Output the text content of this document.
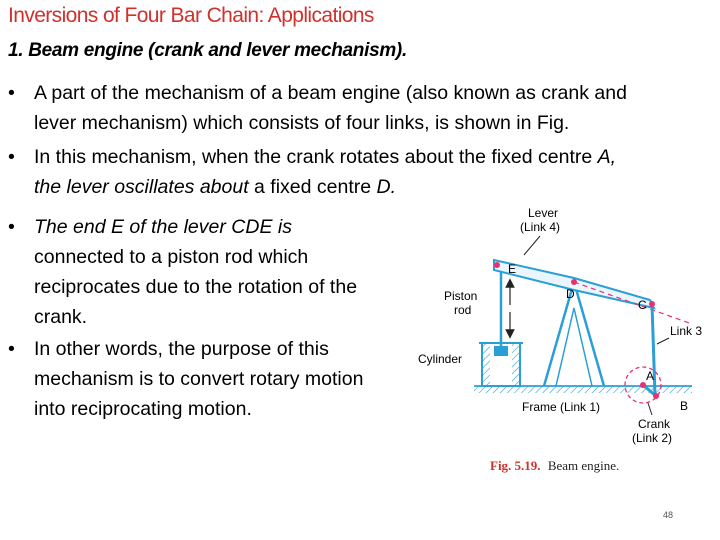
Inversions of Four Bar Chain: Applications
1. Beam engine (crank and lever mechanism).
• A part of the mechanism of a beam engine (also known as crank and
lever mechanism) which consists of four links, is shown in Fig.
• In this mechanism, when the crank rotates about the fixed centre A,
the lever oscillates about a fixed centre D.
• The end E of the lever CDE is
connected to a piston rod which
reciprocates due to the rotation of the
crank.
• In other words, the purpose of this
mechanism is to convert rotary motion
into reciprocating motion.
Lever
(Link 4)
E
D
C
Piston
rod
Cylinder
Link 3
A
B
Frame (Link 1)
Crank
(Link 2)
Fig. 5.19. Beam engine.
48
